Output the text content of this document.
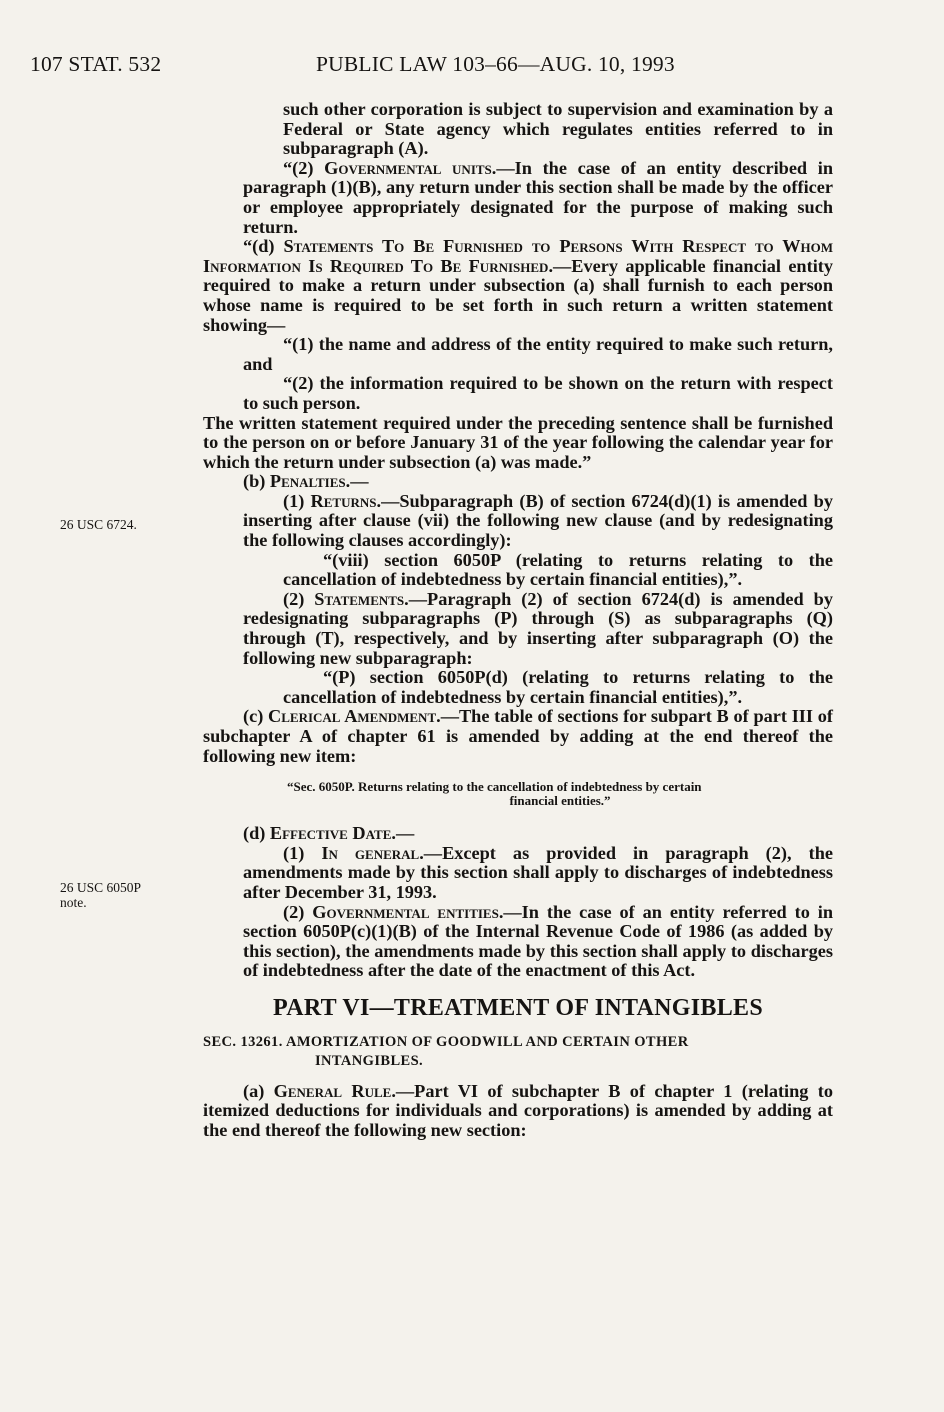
107 STAT. 532	PUBLIC LAW 103–66—AUG. 10, 1993
26 USC 6724.
26 USC 6050P
note.

such other corporation is subject to supervision and examination by a Federal or State agency which regulates entities referred to in subparagraph (A).

“(2) Governmental units.—In the case of an entity described in paragraph (1)(B), any return under this section shall be made by the officer or employee appropriately designated for the purpose of making such return.

“(d) Statements To Be Furnished to Persons With Respect to Whom Information Is Required To Be Furnished.—Every applicable financial entity required to make a return under subsection (a) shall furnish to each person whose name is required to be set forth in such return a written statement showing—

“(1) the name and address of the entity required to make such return, and

“(2) the information required to be shown on the return with respect to such person.

The written statement required under the preceding sentence shall be furnished to the person on or before January 31 of the year following the calendar year for which the return under subsection (a) was made.”

(b) Penalties.—

(1) Returns.—Subparagraph (B) of section 6724(d)(1) is amended by inserting after clause (vii) the following new clause (and by redesignating the following clauses accordingly):

“(viii) section 6050P (relating to returns relating to the cancellation of indebtedness by certain financial entities),”.

(2) Statements.—Paragraph (2) of section 6724(d) is amended by redesignating subparagraphs (P) through (S) as subparagraphs (Q) through (T), respectively, and by inserting after subparagraph (O) the following new subparagraph:

“(P) section 6050P(d) (relating to returns relating to the cancellation of indebtedness by certain financial entities),”.

(c) Clerical Amendment.—The table of sections for subpart B of part III of subchapter A of chapter 61 is amended by adding at the end thereof the following new item:

“Sec. 6050P. Returns relating to the cancellation of indebtedness by certain
financial entities.”

(d) Effective Date.—

(1) In general.—Except as provided in paragraph (2), the amendments made by this section shall apply to discharges of indebtedness after December 31, 1993.

(2) Governmental entities.—In the case of an entity referred to in section 6050P(c)(1)(B) of the Internal Revenue Code of 1986 (as added by this section), the amendments made by this section shall apply to discharges of indebtedness after the date of the enactment of this Act.

PART VI—TREATMENT OF INTANGIBLES

SEC. 13261. AMORTIZATION OF GOODWILL AND CERTAIN OTHER
INTANGIBLES.

(a) General Rule.—Part VI of subchapter B of chapter 1 (relating to itemized deductions for individuals and corporations) is amended by adding at the end thereof the following new section:
